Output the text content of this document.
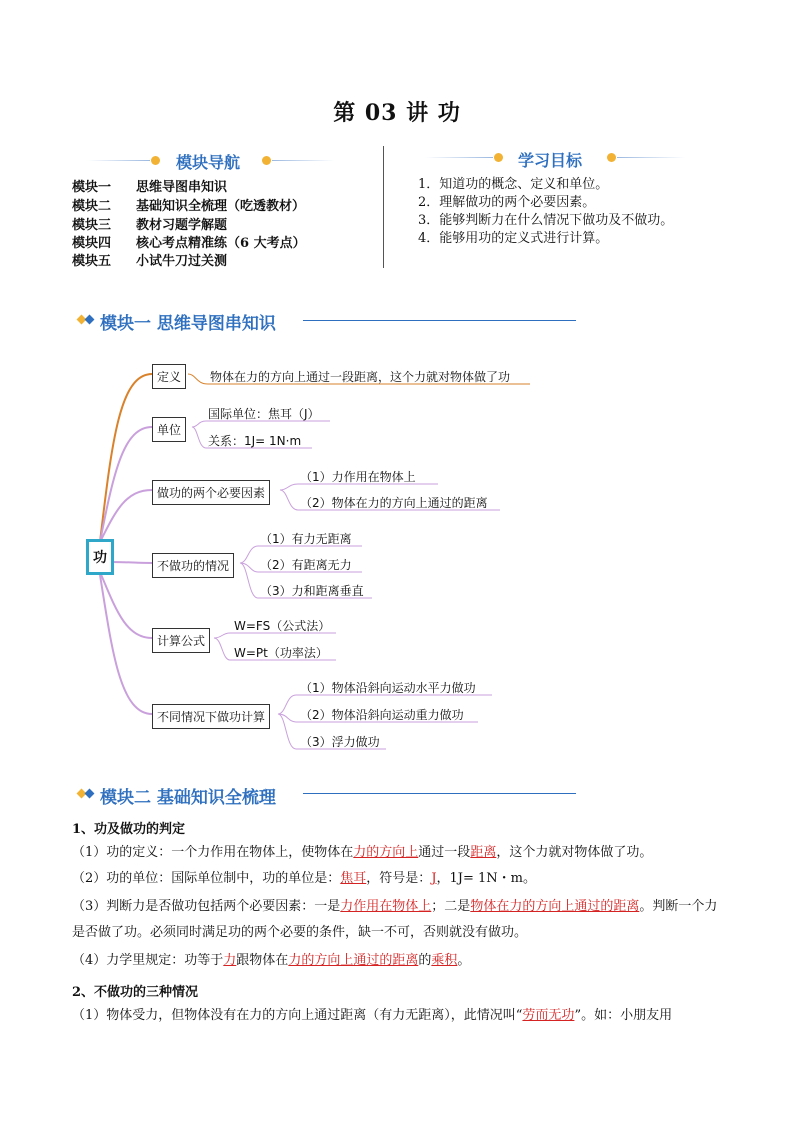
第 03 讲 功
模块导航
模块一 思维导图串知识
模块二 基础知识全梳理（吃透教材）
模块三 教材习题学解题
模块四 核心考点精准练（6 大考点）
模块五 小试牛刀过关测
学习目标
1．知道功的概念、定义和单位。
2．理解做功的两个必要因素。
3．能够判断力在什么情况下做功及不做功。
4．能够用功的定义式进行计算。
模块一 思维导图串知识
功
定义
单位
做功的两个必要因素
不做功的情况
计算公式
不同情况下做功计算
物体在力的方向上通过一段距离，这个力就对物体做了功
国际单位：焦耳（J）
关系：1J= 1N·m
（1）力作用在物体上
（2）物体在力的方向上通过的距离
（1）有力无距离
（2）有距离无力
（3）力和距离垂直
W=FS（公式法）
W=Pt（功率法）
（1）物体沿斜向运动水平力做功
（2）物体沿斜向运动重力做功
（3）浮力做功
模块二 基础知识全梳理
1、功及做功的判定
（1）功的定义：一个力作用在物体上，使物体在力的方向上通过一段距离，这个力就对物体做了功。
（2）功的单位：国际单位制中，功的单位是：焦耳，符号是：J，1J= 1N・m。
（3）判断力是否做功包括两个必要因素：一是力作用在物体上；二是物体在力的方向上通过的距离。判断一个力是否做了功。必须同时满足功的两个必要的条件，缺一不可，否则就没有做功。
（4）力学里规定：功等于力跟物体在力的方向上通过的距离的乘积。
2、不做功的三种情况
（1）物体受力，但物体没有在力的方向上通过距离（有力无距离），此情况叫“劳而无功”。如：小朋友用
